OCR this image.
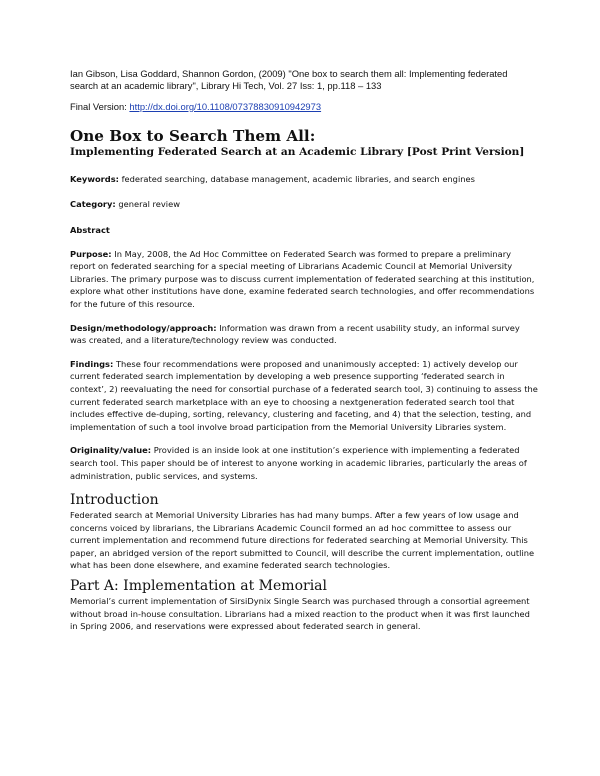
Ian Gibson, Lisa Goddard, Shannon Gordon, (2009) "One box to search them all: Implementing federated search at an academic library", Library Hi Tech, Vol. 27 Iss: 1, pp.118 – 133

Final Version: http://dx.doi.org/10.1108/07378830910942973

One Box to Search Them All:
Implementing Federated Search at an Academic Library [Post Print Version]

Keywords: federated searching, database management, academic libraries, and search engines

Category: general review

Abstract

Purpose: In May, 2008, the Ad Hoc Committee on Federated Search was formed to prepare a preliminary report on federated searching for a special meeting of Librarians Academic Council at Memorial University Libraries. The primary purpose was to discuss current implementation of federated searching at this institution, explore what other institutions have done, examine federated search technologies, and offer recommendations for the future of this resource.

Design/methodology/approach: Information was drawn from a recent usability study, an informal survey was created, and a literature/technology review was conducted.

Findings: These four recommendations were proposed and unanimously accepted: 1) actively develop our current federated search implementation by developing a web presence supporting ‘federated search in context’, 2) reevaluating the need for consortial purchase of a federated search tool, 3) continuing to assess the current federated search marketplace with an eye to choosing a nextgeneration federated search tool that includes effective de-duping, sorting, relevancy, clustering and faceting, and 4) that the selection, testing, and implementation of such a tool involve broad participation from the Memorial University Libraries system.

Originality/value: Provided is an inside look at one institution’s experience with implementing a federated search tool. This paper should be of interest to anyone working in academic libraries, particularly the areas of administration, public services, and systems.

Introduction

Federated search at Memorial University Libraries has had many bumps. After a few years of low usage and concerns voiced by librarians, the Librarians Academic Council formed an ad hoc committee to assess our current implementation and recommend future directions for federated searching at Memorial University. This paper, an abridged version of the report submitted to Council, will describe the current implementation, outline what has been done elsewhere, and examine federated search technologies.

Part A: Implementation at Memorial

Memorial’s current implementation of SirsiDynix Single Search was purchased through a consortial agreement without broad in-house consultation. Librarians had a mixed reaction to the product when it was first launched in Spring 2006, and reservations were expressed about federated search in general.
